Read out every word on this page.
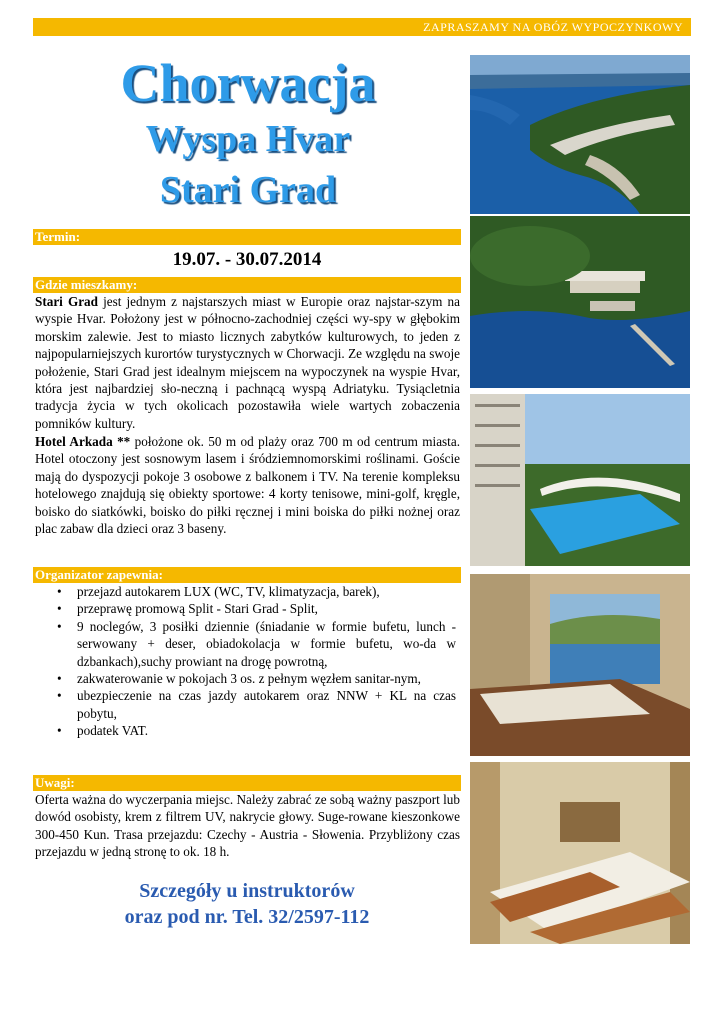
ZAPRASZAMY NA OBÓZ WYPOCZYNKOWY
Chorwacja
Wyspa Hvar
Stari Grad
Termin:
19.07. - 30.07.2014
Gdzie mieszkamy:
Stari Grad jest jednym z najstarszych miast w Europie oraz najstar-szym na wyspie Hvar. Położony jest w północno-zachodniej części wy-spy w głębokim morskim zalewie. Jest to miasto licznych zabytków kulturowych, to jeden z najpopularniejszych kurortów turystycznych w Chorwacji. Ze względu na swoje położenie, Stari Grad jest idealnym miejscem na wypoczynek na wyspie Hvar, która jest najbardziej sło-neczną i pachnącą wyspą Adriatyku. Tysiącletnia tradycja życia w tych okolicach pozostawiła wiele wartych zobaczenia pomników kultury.
Hotel Arkada ** położone ok. 50 m od plaży oraz 700 m od centrum miasta. Hotel otoczony jest sosnowym lasem i śródziemnomorskimi roślinami. Goście mają do dyspozycji pokoje 3 osobowe z balkonem i TV. Na terenie kompleksu hotelowego znajdują się obiekty sportowe: 4 korty tenisowe, mini-golf, kręgle, boisko do siatkówki, boisko do piłki ręcznej i mini boiska do piłki nożnej oraz plac zabaw dla dzieci oraz 3 baseny.
Organizator zapewnia:
• przejazd autokarem LUX (WC, TV, klimatyzacja, barek),
• przeprawę promową Split - Stari Grad - Split,
• 9 noclegów, 3 posiłki dziennie (śniadanie w formie bufetu, lunch - serwowany + deser, obiadokolacja w formie bufetu, wo-da w dzbankach),suchy prowiant na drogę powrotną,
• zakwaterowanie w pokojach 3 os. z pełnym węzłem sanitar-nym,
• ubezpieczenie na czas jazdy autokarem oraz NNW + KL na czas pobytu,
• podatek VAT.
Uwagi:
Oferta ważna do wyczerpania miejsc. Należy zabrać ze sobą ważny paszport lub dowód osobisty, krem z filtrem UV, nakrycie głowy. Suge-rowane kieszonkowe 300-450 Kun. Trasa przejazdu: Czechy - Austria - Słowenia. Przybliżony czas przejazdu w jedną stronę to ok. 18 h.
Szczegóły u instruktorów
oraz pod nr. Tel. 32/2597-112
